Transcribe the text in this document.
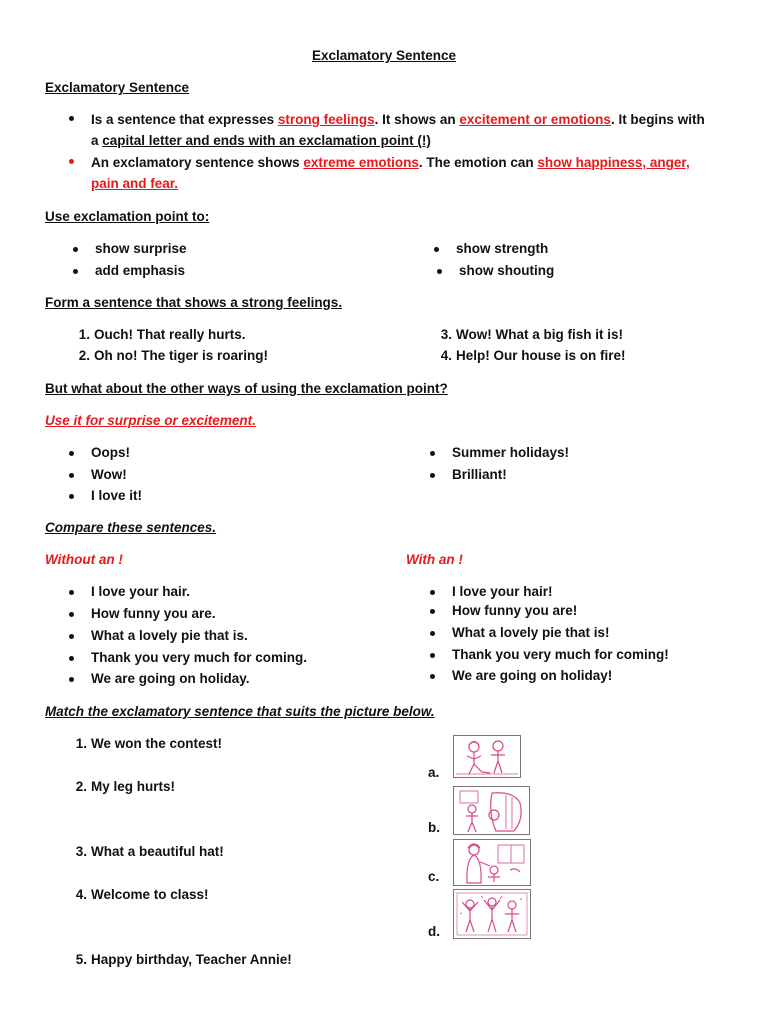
Exclamatory Sentence
Exclamatory Sentence
Is a sentence that expresses strong feelings. It shows an excitement or emotions. It begins with a capital letter and ends with an exclamation point (!)
An exclamatory sentence shows extreme emotions. The emotion can show happiness, anger, pain and fear.
Use exclamation point to:
show surprise
add emphasis
show strength
show shouting
Form a sentence that shows a strong feelings.
1. Ouch! That really hurts.
2. Oh no! The tiger is roaring!
3. Wow! What a big fish it is!
4. Help! Our house is on fire!
But what about the other ways of using the exclamation point?
Use it for surprise or excitement.
Oops!
Wow!
I love it!
Summer holidays!
Brilliant!
Compare these sentences.
Without an !	With an !
I love your hair.
How funny you are.
What a lovely pie that is.
Thank you very much for coming.
We are going on holiday.
I love your hair!
How funny you are!
What a lovely pie that is!
Thank you very much for coming!
We are going on holiday!
Match the exclamatory sentence that suits the picture below.
1. We won the contest!
2. My leg hurts!
3. What a beautiful hat!
4. Welcome to class!
5. Happy birthday, Teacher Annie!
a.
b.
c.
d.
